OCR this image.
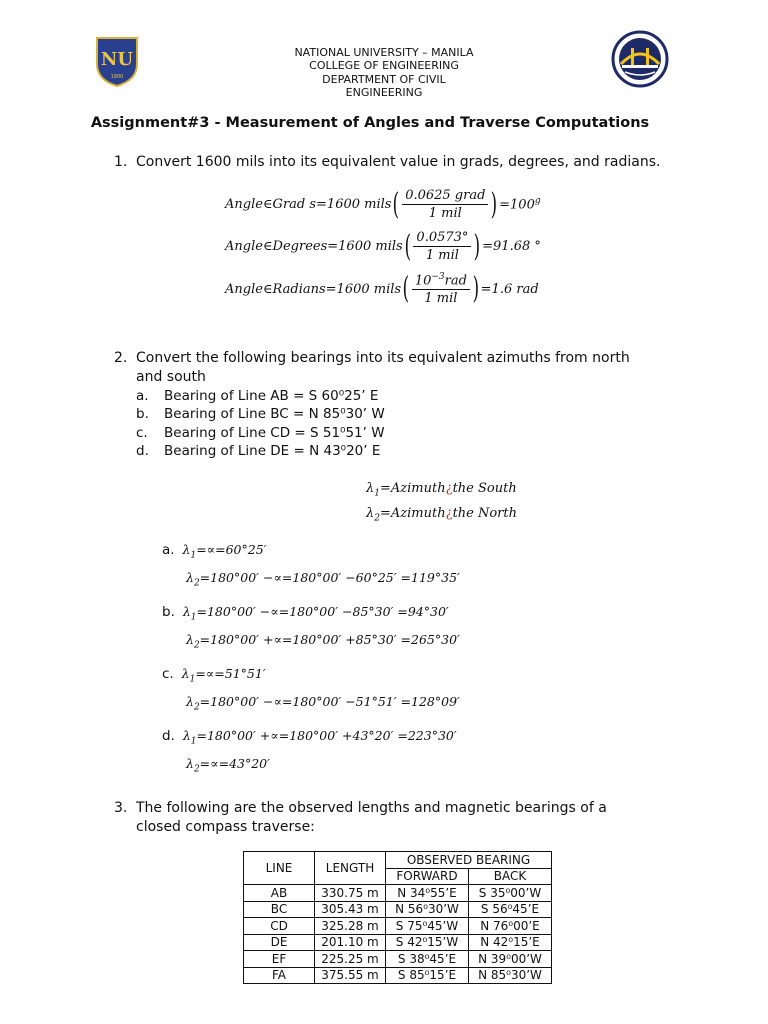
NU
1900
NATIONAL UNIVERSITY – MANILA
COLLEGE OF ENGINEERING
DEPARTMENT OF CIVIL
ENGINEERING
Assignment#3 - Measurement of Angles and Traverse Computations
1. Convert 1600 mils into its equivalent value in grads, degrees, and radians.
Angle∈Grad s=1600 mils ( $\frac{\text{0.0625 grad}}{\text{1 mil}}$ ) $=100^g$
Angle∈Degrees=1600 mils ( $\frac{0.0573^\circ}{\text{1 mil}}$ ) =91.68 °
Angle∈Radians=1600 mils ( $\frac{10^{-3}rad}{\text{1 mil}}$ ) =1.6 rad
2. Convert the following bearings into its equivalent azimuths from north and south
a. Bearing of Line AB = S 60⁰25’ E
b. Bearing of Line BC = N 85⁰30’ W
c. Bearing of Line CD = S 51⁰51’ W
d. Bearing of Line DE = N 43⁰20’ E
$\lambda_1=Azimuth¿the$ South
$\lambda_2=Azimuth¿the$ North
a.  $\lambda_1=\propto=60^\circ 25'$
$\lambda_2=180^\circ 00' -\propto=180^\circ 00' -60^\circ 25' =119^\circ 35'$
b.  $\lambda_1=180^\circ 00' -\propto=180^\circ 00' -85^\circ 30' =94^\circ 30'$
$\lambda_2=180^\circ 00' +\propto=180^\circ 00' +85^\circ 30' =265^\circ 30'$
c.  $\lambda_1=\propto=51^\circ 51'$
$\lambda_2=180^\circ 00' -\propto=180^\circ 00' -51^\circ 51' =128^\circ 09'$
d.  $\lambda_1=180^\circ 00' +\propto=180^\circ 00' +43^\circ 20' =223^\circ 30'$
$\lambda_2=\propto=43^\circ 20'$
3. The following are the observed lengths and magnetic bearings of a closed compass traverse:
LINE	LENGTH	OBSERVED BEARING	
		FORWARD	BACK
AB	330.75 m	N 34⁰55’E	S 35⁰00’W
BC	305.43 m	N 56⁰30’W	S 56⁰45’E
CD	325.28 m	S 75⁰45’W	N 76⁰00’E
DE	201.10 m	S 42⁰15’W	N 42⁰15’E
EF	225.25 m	S 38⁰45’E	N 39⁰00’W
FA	375.55 m	S 85⁰15’E	N 85⁰30’W
